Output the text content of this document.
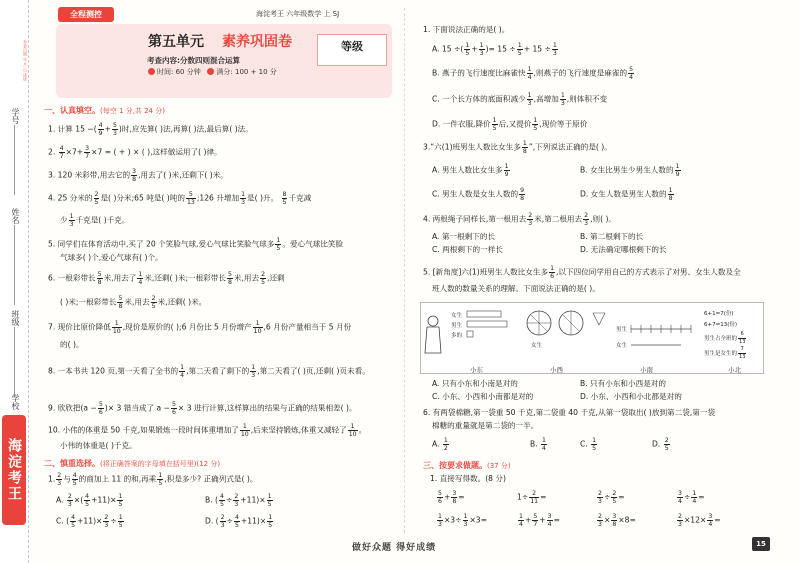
考查日期 年 月 日 成绩
学号
姓名
班级
学校
海淀考王
全程测控	海淀考王 六年级数学 上 SJ
第五单元 素养巩固卷	等级
考查内容:分数四则混合运算
时间: 60 分钟 满分: 100 + 10 分
一、认真填空。(每空 1 分,共 24 分)
1. 计算 15 −( $\frac{4}{9} + \frac{5}{3}$ )时,应先算( )法,再算( )法,最后算( )法。
2. $\frac{4}{7} \times 7+ \frac{3}{7} \times 7$ = ( + ) × ( ),这样做运用了( )律。
3. 120 米彩带,用去它的 $\frac{3}{8}$ ,用去了( )米,还剩下( )米。
4. 25 分米的 $\frac{2}{5}$ 是( )分米;65 吨是( )吨的 $\frac{5}{13}$ ;126 升增加 $\frac{1}{3}$ 是( )升。 $\frac{8}{5}$ 千克减
少 $\frac{1}{3}$ 千克是( )千克。
5. 同学们在体育活动中,买了 20 个笑脸气球,爱心气球比笑脸气球多 $\frac{1}{5}$ 。爱心气球比笑脸
气球多( )个,爱心气球有( )个。
6. 一根彩带长 $\frac{5}{8}$ 米,用去了 $\frac{1}{4}$ 米,还剩( )米;一根彩带长 $\frac{5}{8}$ 米,用去 $\frac{2}{5}$ ,还剩
( )米;一根彩带长 $\frac{5}{8}$ 米,用去 $\frac{2}{5}$ 米,还剩( )米。
7. 现价比原价降低 $\frac{1}{10}$ ,现价是原价的( );6 月份比 5 月份增产 $\frac{1}{10} ,6$ 月份产量相当于 5 月份
的( )。
8. 一本书共 120 页,第一天看了全书的 $\frac{1}{4}$ ,第二天看了剩下的 $\frac{1}{3}$ ,第二天看了( )页,还剩( )页未看。
9. 欣欣把($a - \frac{5}{6}$ )× 3 错当成了 $a - \frac{5}{6} \times 3$ 进行计算,这样算出的结果与正确的结果相差( )。
10. 小伟的体重是 50 千克,如果锻炼一段时间体重增加了 $\frac{1}{10}$ ,后来坚持锻炼,体重又减轻了 $\frac{1}{10}$ 。
小伟的体重是( )千克。
二、慎重选择。(将正确答案的字母填在括号里)(12 分)
1. $\frac{2}{3}$ 与 $\frac{4}{5}$ 的商加上 11 的和,再乘 $\frac{1}{5}$ ,积是多少? 正确列式是( )。
A. $\frac{2}{3}$ ×( $\frac{4}{5} +11)\times \frac{1}{5}$	B. ( $\frac{4}{5} \div \frac{2}{3} +11)\times \frac{1}{5}$
C. ( $\frac{4}{5} +11)\times \frac{2}{3} \div \frac{1}{5}$	D. ( $\frac{2}{3} \div \frac{4}{5} +11)\times \frac{1}{5}$
1. 下面说法正确的是( )。
A. 15 ÷( $\frac{1}{5} + \frac{1}{3}$ )= $15 \div \frac{1}{5} + 15 \div \frac{1}{3}$
B. 燕子的飞行速度比麻雀快 $\frac{1}{4}$ ,则燕子的飞行速度是麻雀的 $\frac{5}{4}$
C. 一个长方体的底面积减少 $\frac{1}{3}$ ,高增加 $\frac{1}{3}$ ,则体积不变
D. 一件衣服,降价 $\frac{1}{5}$ 后,又提价 $\frac{1}{5}$ ,现价等于原价
3.“六(1)班男生人数比女生多 $\frac{1}{8}$ ”,下列说法正确的是( )。
A. 男生人数比女生多 $\frac{1}{9}$	B. 女生比男生少男生人数的 $\frac{1}{9}$
C. 男生人数是女生人数的 $\frac{9}{8}$	D. 女生人数是男生人数的 $\frac{1}{8}$
4. 两根绳子同样长,第一根用去 $\frac{2}{3}$ 米,第二根用去 $\frac{2}{3}$ ,则( )。
A. 第一根剩下的长	B. 第二根剩下的长
C. 两根剩下的一样长	D. 无法确定哪根剩下的长
5. [新角度]六(1)班男生人数比女生多 $\frac{1}{6}$ ,以下四位同学用自己的方式表示了对男、女生人数及全
班人数的数量关系的理解。下面说法正确的是( )。
女生
男生
多的
女生
男生
女生
6+1=7(份)
6+7=13(份)
男生占全班的 $\frac{6}{13}$
男生是女生的 $\frac{7}{13}$
小东	小西	小南	小北
A. 只有小东和小南是对的	B. 只有小东和小西是对的
C. 小东、小西和小南都是对的	D. 小东、小西和小北都是对的
6. 有两袋棉糖,第一袋重 50 千克,第二袋重 40 千克,从第一袋取出( )放到第二袋,第一袋
棉糖的重量就是第二袋的一半。
A. $\frac{1}{2}$	B. $\frac{1}{4}$	C. $\frac{1}{5}$	D. $\frac{2}{5}$
三、按要求做题。(37 分)
1. 直接写得数。(8 分)
$\frac{5}{6} + \frac{3}{8}$ =	$1\div \frac{2}{11}$ =	$\frac{2}{3} \div \frac{2}{5}$ =	$\frac{3}{4} \div \frac{1}{4}$ =
$\frac{1}{3} \times 3\div \frac{1}{3} \times 3=$	$\frac{1}{4} + \frac{5}{7} + \frac{3}{4}$ =	$\frac{2}{3} \times \frac{3}{8} \times 8=$	$\frac{2}{3} \times 12\times \frac{3}{4}$ =
做好众题 得好成绩	15
